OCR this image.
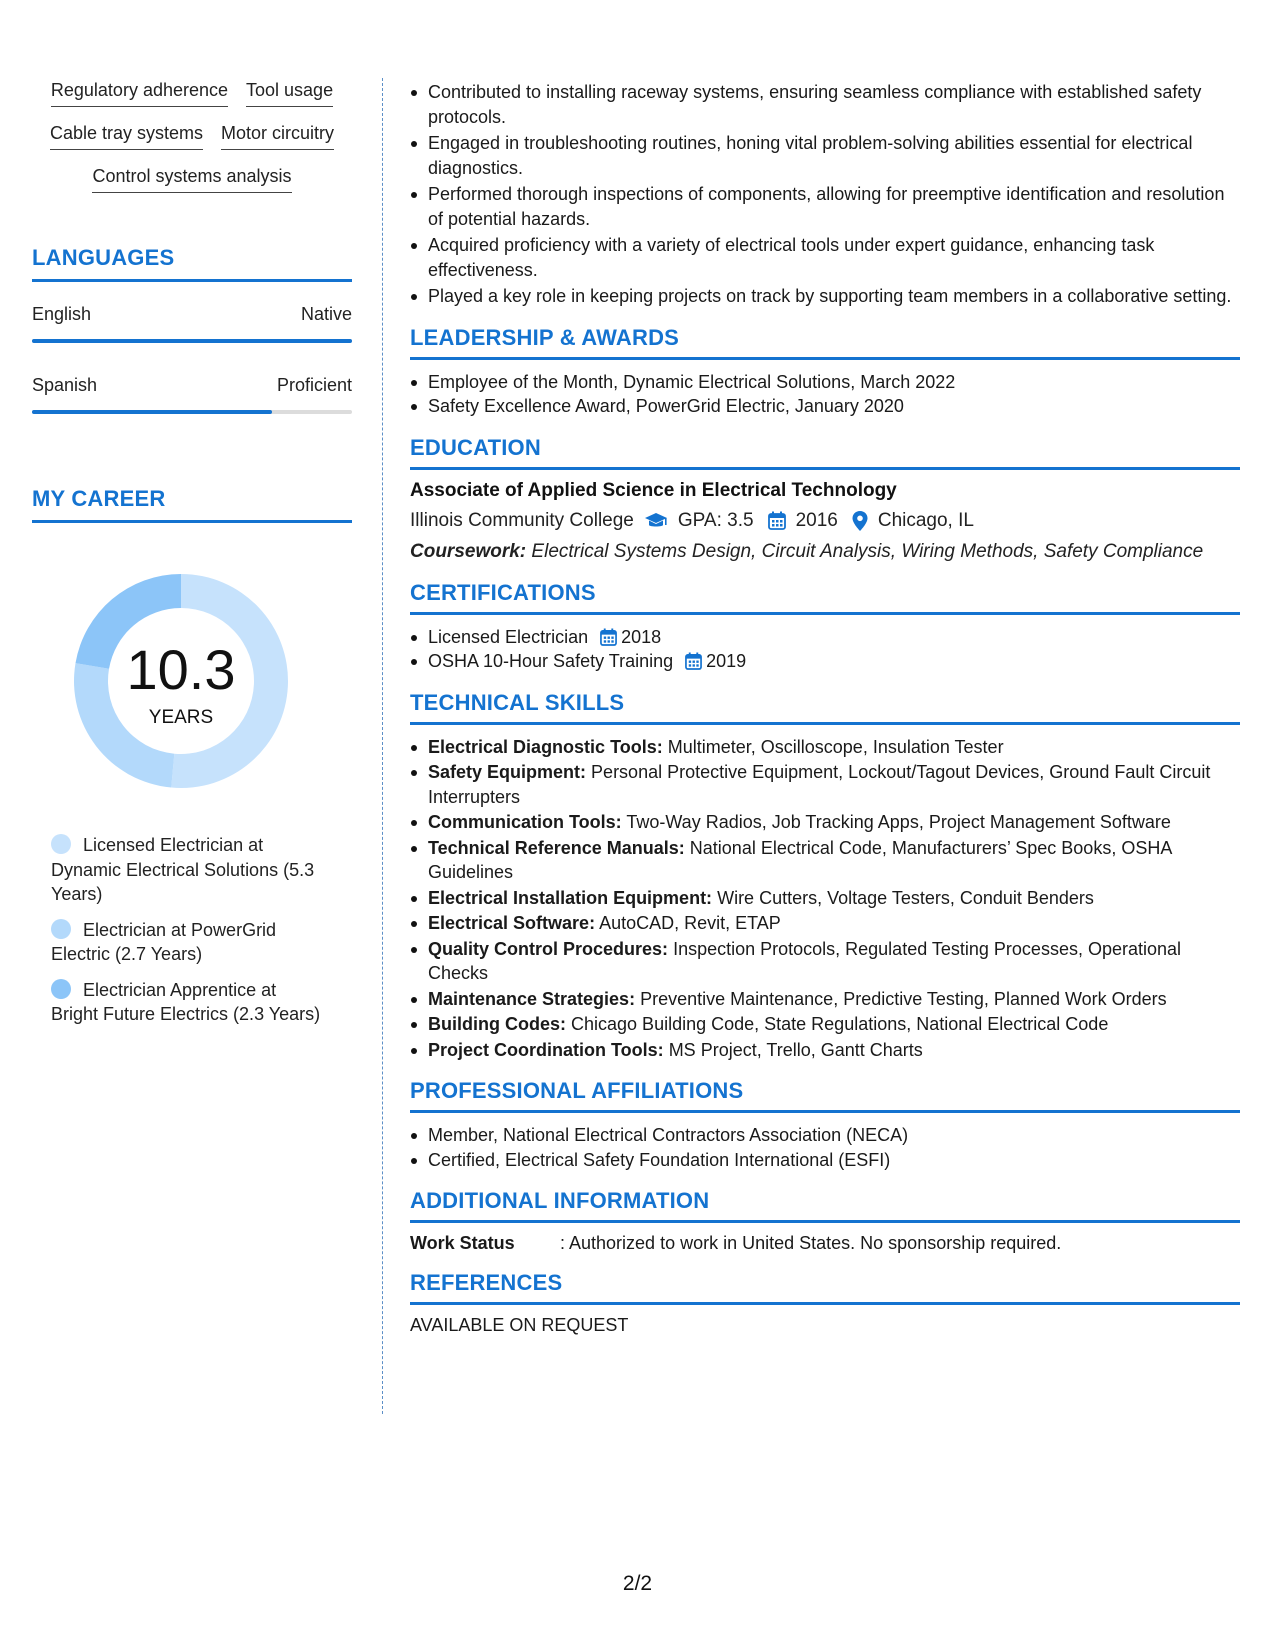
Regulatory adherence Tool usage
Cable tray systems Motor circuitry
Control systems analysis
LANGUAGES
English	Native
Spanish	Proficient
MY CAREER
10.3
YEARS
Licensed Electrician at Dynamic Electrical Solutions (5.3 Years)
Electrician at PowerGrid Electric (2.7 Years)
Electrician Apprentice at Bright Future Electrics (2.3 Years)
Contributed to installing raceway systems, ensuring seamless compliance with established safety protocols.
Engaged in troubleshooting routines, honing vital problem-solving abilities essential for electrical diagnostics.
Performed thorough inspections of components, allowing for preemptive identification and resolution of potential hazards.
Acquired proficiency with a variety of electrical tools under expert guidance, enhancing task effectiveness.
Played a key role in keeping projects on track by supporting team members in a collaborative setting.
LEADERSHIP & AWARDS
Employee of the Month, Dynamic Electrical Solutions, March 2022
Safety Excellence Award, PowerGrid Electric, January 2020
EDUCATION
Associate of Applied Science in Electrical Technology
Illinois Community College GPA: 3.5 2016 Chicago, IL
Coursework: Electrical Systems Design, Circuit Analysis, Wiring Methods, Safety Compliance
CERTIFICATIONS
Licensed Electrician 2018
OSHA 10-Hour Safety Training 2019
TECHNICAL SKILLS
Electrical Diagnostic Tools: Multimeter, Oscilloscope, Insulation Tester
Safety Equipment: Personal Protective Equipment, Lockout/Tagout Devices, Ground Fault Circuit Interrupters
Communication Tools: Two-Way Radios, Job Tracking Apps, Project Management Software
Technical Reference Manuals: National Electrical Code, Manufacturers’ Spec Books, OSHA Guidelines
Electrical Installation Equipment: Wire Cutters, Voltage Testers, Conduit Benders
Electrical Software: AutoCAD, Revit, ETAP
Quality Control Procedures: Inspection Protocols, Regulated Testing Processes, Operational Checks
Maintenance Strategies: Preventive Maintenance, Predictive Testing, Planned Work Orders
Building Codes: Chicago Building Code, State Regulations, National Electrical Code
Project Coordination Tools: MS Project, Trello, Gantt Charts
PROFESSIONAL AFFILIATIONS
Member, National Electrical Contractors Association (NECA)
Certified, Electrical Safety Foundation International (ESFI)
ADDITIONAL INFORMATION
Work Status	: Authorized to work in United States. No sponsorship required.
REFERENCES
AVAILABLE ON REQUEST
2/2
